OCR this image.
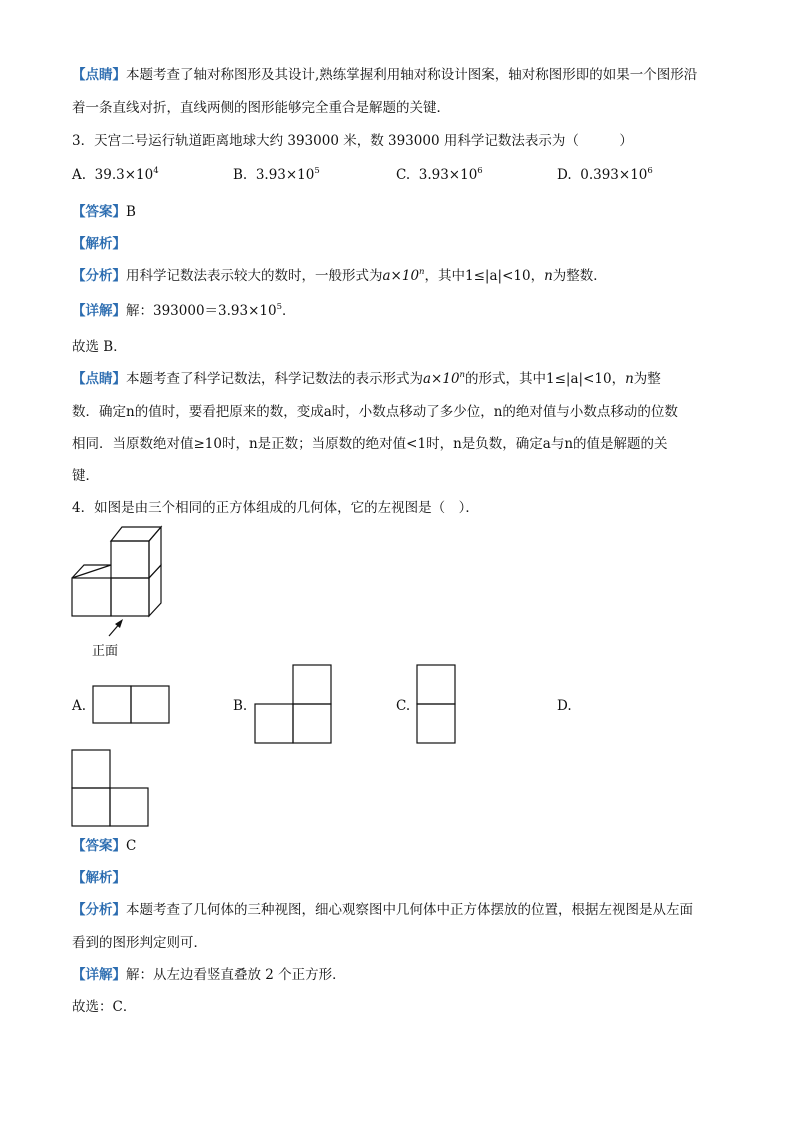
【点睛】本题考查了轴对称图形及其设计,熟练掌握利用轴对称设计图案，轴对称图形即的如果一个图形沿
着一条直线对折，直线两侧的图形能够完全重合是解题的关键．
3．天宫二号运行轨道距离地球大约 393000 米，数 393000 用科学记数法表示为（　　　）
A. $39.3\times 10^4$	B. $3.93\times 10^5$	C. $3.93\times 10^6$	D. $0.393\times 10^6$
【答案】B
【解析】
【分析】用科学记数法表示较大的数时，一般形式为$a\times 10^n$，其中1≤|a|<10，n为整数．
【详解】解：$393000=3.93\times 10^5$．
故选 B．
【点睛】本题考查了科学记数法，科学记数法的表示形式为$a\times 10^n$的形式，其中1≤|a|<10，n为整
数．确定n的值时，要看把原来的数，变成a时，小数点移动了多少位，n的绝对值与小数点移动的位数
相同．当原数绝对值≥10时，n是正数；当原数的绝对值<1时，n是负数，确定a与n的值是解题的关
键．
4．如图是由三个相同的正方体组成的几何体，它的左视图是（　）．
正面
A.	B.	C.	D.
【答案】C
【解析】
【分析】本题考查了几何体的三种视图，细心观察图中几何体中正方体摆放的位置，根据左视图是从左面
看到的图形判定则可．
【详解】解：从左边看竖直叠放 2 个正方形．
故选：C．
